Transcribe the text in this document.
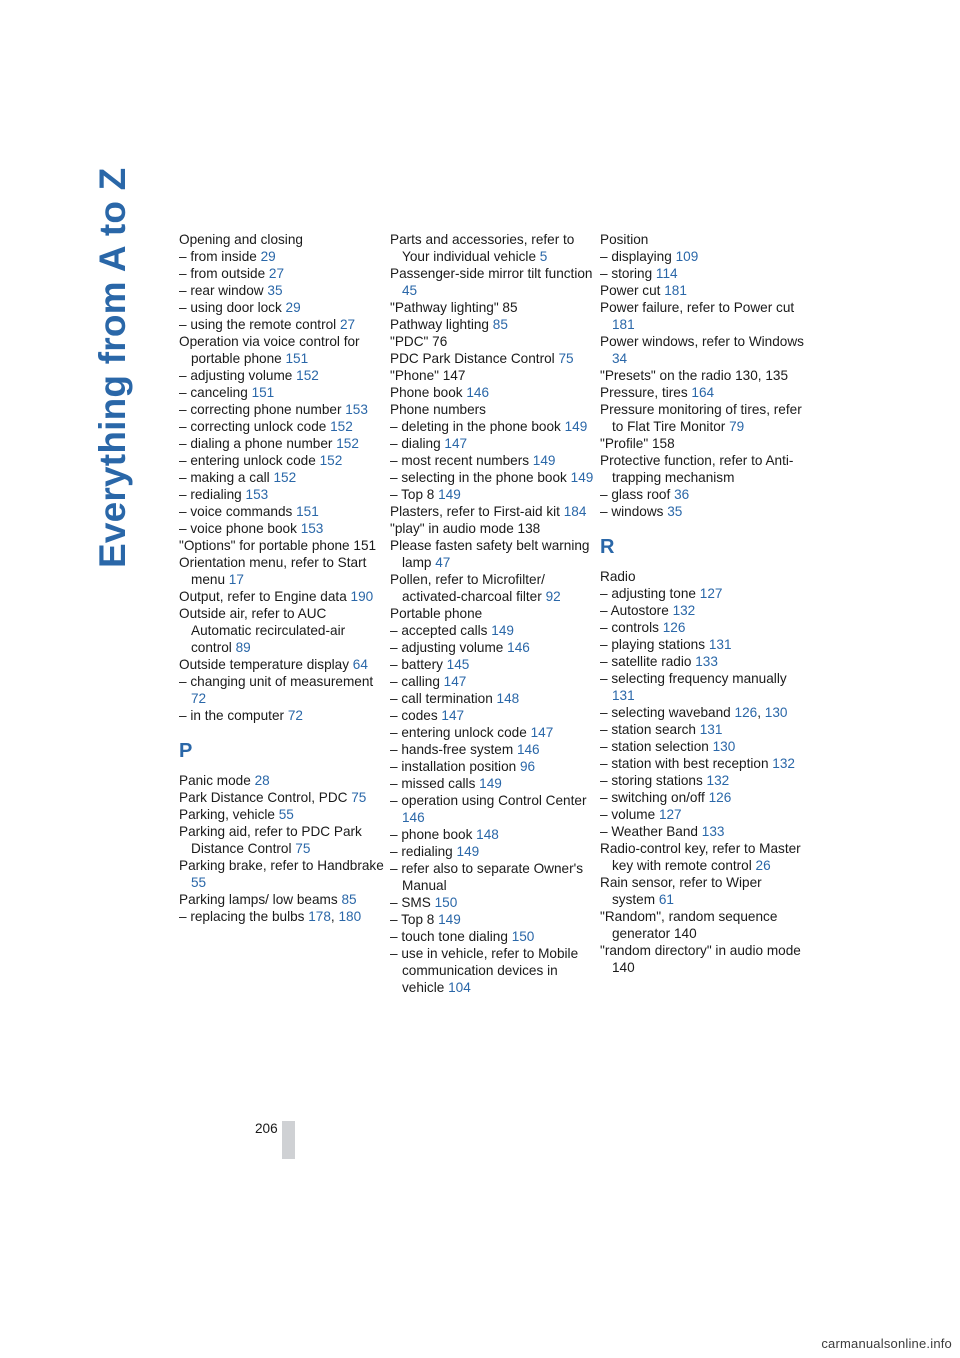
Everything from A to Z	Opening and closing
– from inside 29
– from outside 27
– rear window 35
– using door lock 29
– using the remote control 27
Operation via voice control for portable phone 151
– adjusting volume 152
– canceling 151
– correcting phone number 153
– correcting unlock code 152
– dialing a phone number 152
– entering unlock code 152
– making a call 152
– redialing 153
– voice commands 151
– voice phone book 153
"Options" for portable phone 151
Orientation menu, refer to Start menu 17
Output, refer to Engine data 190
Outside air, refer to AUC Automatic recirculated-air control 89
Outside temperature display 64
– changing unit of measurement 72
– in the computer 72
P
Panic mode 28
Park Distance Control, PDC 75
Parking, vehicle 55
Parking aid, refer to PDC Park Distance Control 75
Parking brake, refer to Handbrake 55
Parking lamps/ low beams 85
– replacing the bulbs 178, 180
Parts and accessories, refer to Your individual vehicle 5
Passenger-side mirror tilt function 45
"Pathway lighting" 85
Pathway lighting 85
"PDC" 76
PDC Park Distance Control 75
"Phone" 147
Phone book 146
Phone numbers
– deleting in the phone book 149
– dialing 147
– most recent numbers 149
– selecting in the phone book 149
– Top 8 149
Plasters, refer to First-aid kit 184
"play" in audio mode 138
Please fasten safety belt warning lamp 47
Pollen, refer to Microfilter/ activated-charcoal filter 92
Portable phone
– accepted calls 149
– adjusting volume 146
– battery 145
– calling 147
– call termination 148
– codes 147
– entering unlock code 147
– hands-free system 146
– installation position 96
– missed calls 149
– operation using Control Center 146
– phone book 148
– redialing 149
– refer also to separate Owner's Manual
– SMS 150
– Top 8 149
– touch tone dialing 150
– use in vehicle, refer to Mobile communication devices in vehicle 104
Position
– displaying 109
– storing 114
Power cut 181
Power failure, refer to Power cut 181
Power windows, refer to Windows 34
"Presets" on the radio 130, 135
Pressure, tires 164
Pressure monitoring of tires, refer to Flat Tire Monitor 79
"Profile" 158
Protective function, refer to Anti-trapping mechanism
– glass roof 36
– windows 35
R
Radio
– adjusting tone 127
– Autostore 132
– controls 126
– playing stations 131
– satellite radio 133
– selecting frequency manually 131
– selecting waveband 126, 130
– station search 131
– station selection 130
– station with best reception 132
– storing stations 132
– switching on/off 126
– volume 127
– Weather Band 133
Radio-control key, refer to Master key with remote control 26
Rain sensor, refer to Wiper system 61
"Random", random sequence generator 140
"random directory" in audio mode 140
206
carmanualsonline.info
